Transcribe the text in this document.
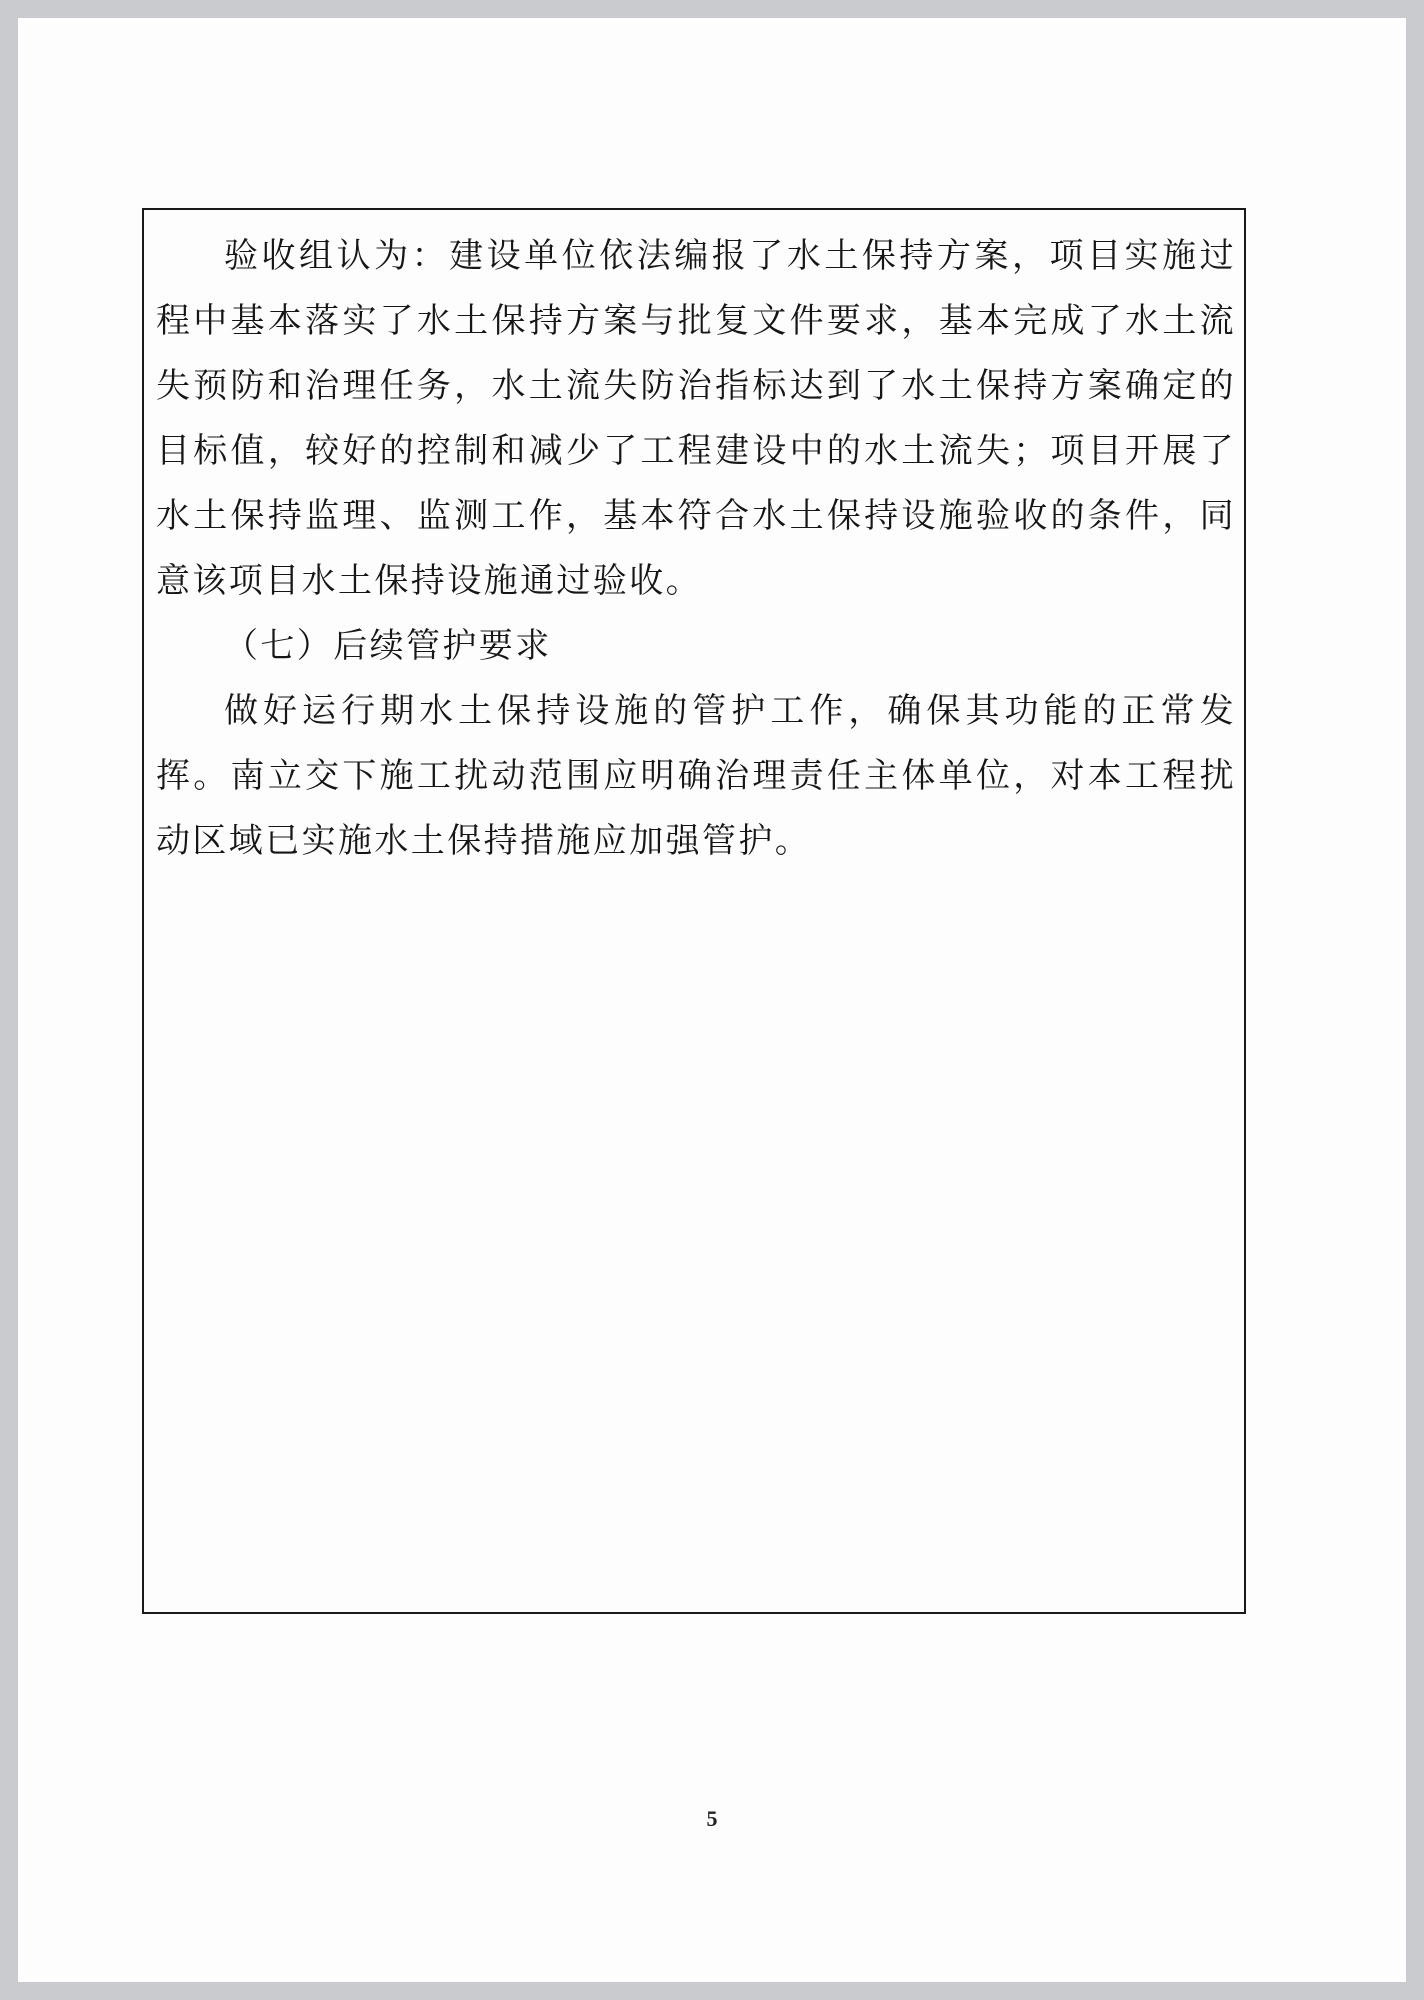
验收组认为：建设单位依法编报了水土保持方案，项目实施过程中基本落实了水土保持方案与批复文件要求，基本完成了水土流失预防和治理任务，水土流失防治指标达到了水土保持方案确定的目标值，较好的控制和减少了工程建设中的水土流失；项目开展了水土保持监理、监测工作，基本符合水土保持设施验收的条件，同意该项目水土保持设施通过验收。

（七）后续管护要求

做好运行期水土保持设施的管护工作，确保其功能的正常发挥。南立交下施工扰动范围应明确治理责任主体单位，对本工程扰动区域已实施水土保持措施应加强管护。

5
